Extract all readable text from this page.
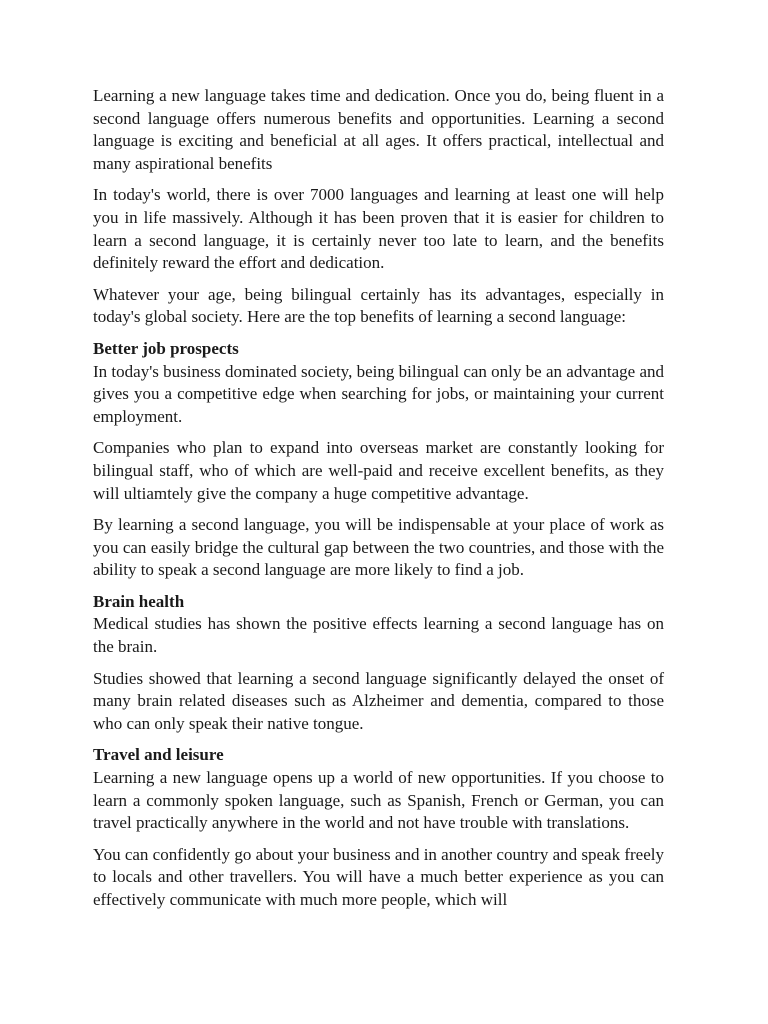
Learning a new language takes time and dedication. Once you do, being fluent in a second language offers numerous benefits and opportunities. Learning a second language is exciting and beneficial at all ages. It offers practical, intellectual and many aspirational benefits

In today's world, there is over 7000 languages and learning at least one will help you in life massively. Although it has been proven that it is easier for children to learn a second language, it is certainly never too late to learn, and the benefits definitely reward the effort and dedication.

Whatever your age, being bilingual certainly has its advantages, especially in today's global society. Here are the top benefits of learning a second language:

Better job prospects

In today's business dominated society, being bilingual can only be an advantage and gives you a competitive edge when searching for jobs, or maintaining your current employment.

Companies who plan to expand into overseas market are constantly looking for bilingual staff, who of which are well-paid and receive excellent benefits, as they will ultiamtely give the company a huge competitive advantage.

By learning a second language, you will be indispensable at your place of work as you can easily bridge the cultural gap between the two countries, and those with the ability to speak a second language are more likely to find a job.

Brain health

Medical studies has shown the positive effects learning a second language has on the brain.

Studies showed that learning a second language significantly delayed the onset of many brain related diseases such as Alzheimer and dementia, compared to those who can only speak their native tongue.

Travel and leisure

Learning a new language opens up a world of new opportunities. If you choose to learn a commonly spoken language, such as Spanish, French or German, you can travel practically anywhere in the world and not have trouble with translations.

You can confidently go about your business and in another country and speak freely to locals and other travellers. You will have a much better experience as you can effectively communicate with much more people, which will
